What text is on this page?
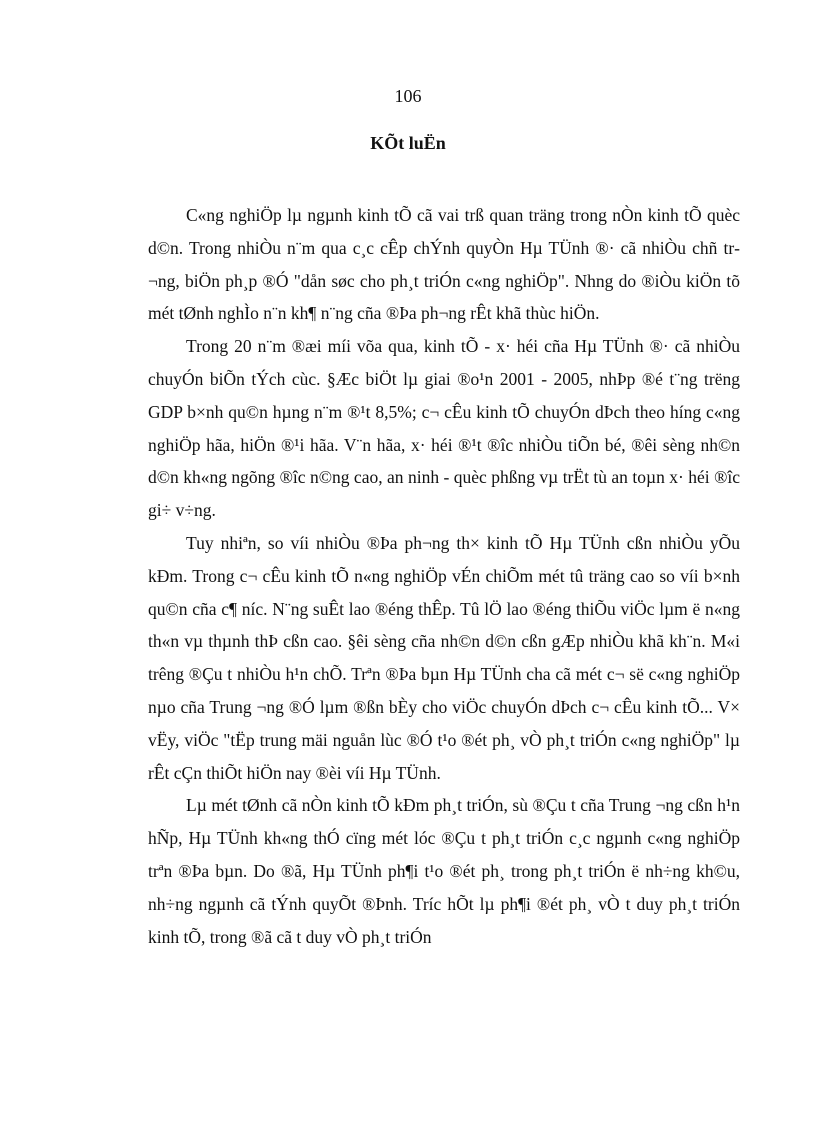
106
KÕt luËn

C«ng nghiÖp lµ ngµnh kinh tÕ cã vai trß quan träng trong nÒn kinh tÕ quèc d©n. Trong nhiÒu n¨m qua c¸c cÊp chÝnh quyÒn Hµ TÜnh ®· cã nhiÒu chñ tr¬ng, biÖn ph¸p ®Ó "dån søc cho ph¸t triÓn c«ng nghiÖp". Nhng do ®iÒu kiÖn tõ mét tØnh nghÌo n¨n kh¶ n¨ng cña ®Þa ph¬ng rÊt khã thùc hiÖn.

Trong 20 n¨m ®æi míi võa qua, kinh tÕ - x· héi cña Hµ TÜnh ®· cã nhiÒu chuyÓn biÕn tÝch cùc. §Æc biÖt lµ giai ®o¹n 2001 - 2005, nhÞp ®é t¨ng trëng GDP b×nh qu©n hµng n¨m ®¹t 8,5%; c¬ cÊu kinh tÕ chuyÓn dÞch theo híng c«ng nghiÖp hãa, hiÖn ®¹i hãa. V¨n hãa, x· héi ®¹t ®îc nhiÒu tiÕn bé, ®êi sèng nh©n d©n kh«ng ngõng ®îc n©ng cao, an ninh - quèc phßng vµ trËt tù an toµn x· héi ®îc gi÷ v÷ng.

Tuy nhiªn, so víi nhiÒu ®Þa ph¬ng th× kinh tÕ Hµ TÜnh cßn nhiÒu yÕu kÐm. Trong c¬ cÊu kinh tÕ n«ng nghiÖp vÉn chiÕm mét tû träng cao so víi b×nh qu©n cña c¶ níc. N¨ng suÊt lao ®éng thÊp. Tû lÖ lao ®éng thiÕu viÖc lµm ë n«ng th«n vµ thµnh thÞ cßn cao. §êi sèng cña nh©n d©n cßn gÆp nhiÒu khã kh¨n. M«i trêng ®Çu t nhiÒu h¹n chÕ. Trªn ®Þa bµn Hµ TÜnh cha cã mét c¬ së c«ng nghiÖp nµo cña Trung ¬ng ®Ó lµm ®ßn bÈy cho viÖc chuyÓn dÞch c¬ cÊu kinh tÕ... V× vËy, viÖc "tËp trung mäi nguån lùc ®Ó t¹o ®ét ph¸ vÒ ph¸t triÓn c«ng nghiÖp" lµ rÊt cÇn thiÕt hiÖn nay ®èi víi Hµ TÜnh.

Lµ mét tØnh cã nÒn kinh tÕ kÐm ph¸t triÓn, sù ®Çu t cña Trung ¬ng cßn h¹n hÑp, Hµ TÜnh kh«ng thÓ cïng mét lóc ®Çu t ph¸t triÓn c¸c ngµnh c«ng nghiÖp trªn ®Þa bµn. Do ®ã, Hµ TÜnh ph¶i t¹o ®ét ph¸ trong ph¸t triÓn ë nh÷ng kh©u, nh÷ng ngµnh cã tÝnh quyÕt ®Þnh. Tríc hÕt lµ ph¶i ®ét ph¸ vÒ t duy ph¸t triÓn kinh tÕ, trong ®ã cã t duy vÒ ph¸t triÓn
